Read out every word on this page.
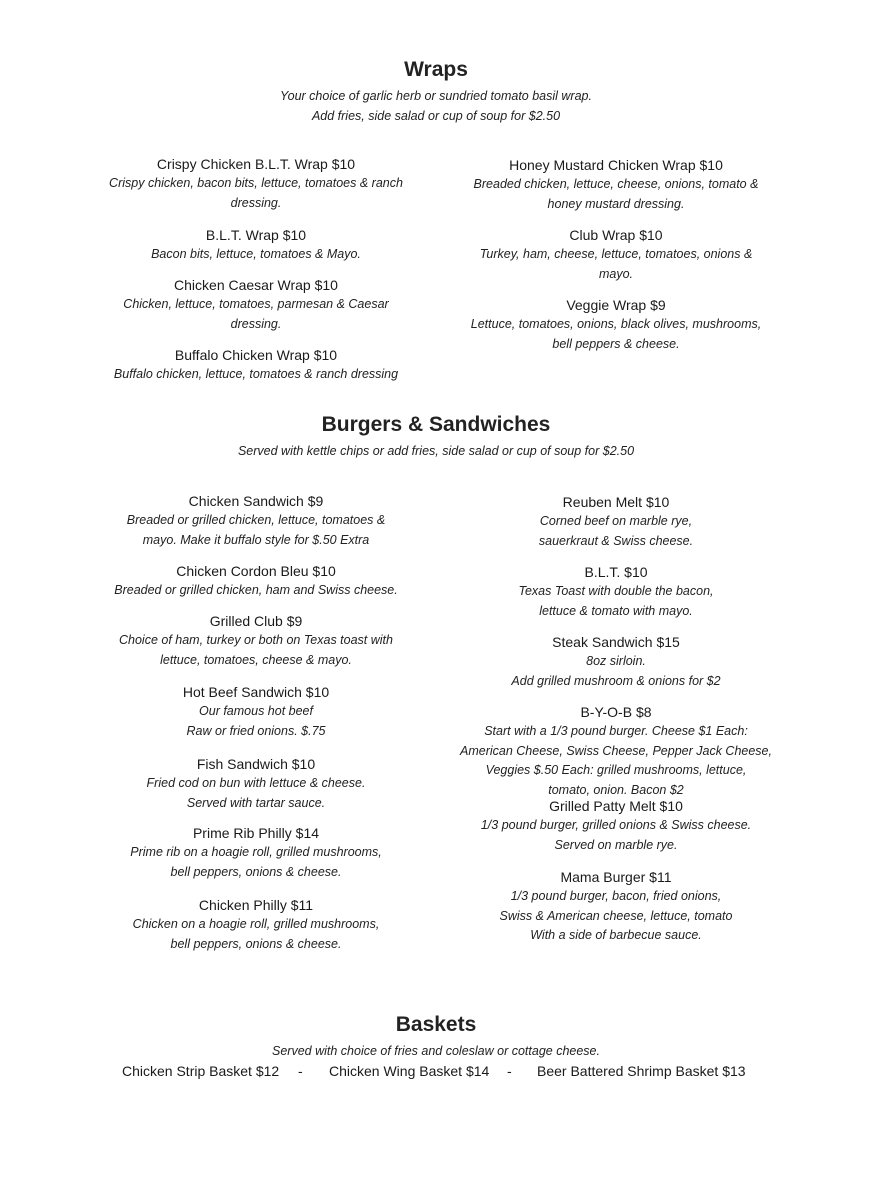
Wraps
Your choice of garlic herb or sundried tomato basil wrap.
Add fries, side salad or cup of soup for $2.50
Crispy Chicken B.L.T. Wrap $10
Crispy chicken, bacon bits, lettuce, tomatoes & ranch
dressing.
B.L.T. Wrap $10
Bacon bits, lettuce, tomatoes & Mayo.
Chicken Caesar Wrap $10
Chicken, lettuce, tomatoes, parmesan & Caesar
dressing.
Buffalo Chicken Wrap $10
Buffalo chicken, lettuce, tomatoes & ranch dressing
Honey Mustard Chicken Wrap $10
Breaded chicken, lettuce, cheese, onions, tomato &
honey mustard dressing.
Club Wrap $10
Turkey, ham, cheese, lettuce, tomatoes, onions &
mayo.
Veggie Wrap $9
Lettuce, tomatoes, onions, black olives, mushrooms,
bell peppers & cheese.
Burgers & Sandwiches
Served with kettle chips or add fries, side salad or cup of soup for $2.50
Chicken Sandwich $9
Breaded or grilled chicken, lettuce, tomatoes &
mayo. Make it buffalo style for $.50 Extra
Chicken Cordon Bleu $10
Breaded or grilled chicken, ham and Swiss cheese.
Grilled Club $9
Choice of ham, turkey or both on Texas toast with
lettuce, tomatoes, cheese & mayo.
Hot Beef Sandwich $10
Our famous hot beef
Raw or fried onions. $.75
Fish Sandwich $10
Fried cod on bun with lettuce & cheese.
Served with tartar sauce.
Prime Rib Philly $14
Prime rib on a hoagie roll, grilled mushrooms,
bell peppers, onions & cheese.
Chicken Philly $11
Chicken on a hoagie roll, grilled mushrooms,
bell peppers, onions & cheese.
Reuben Melt $10
Corned beef on marble rye,
sauerkraut & Swiss cheese.
B.L.T. $10
Texas Toast with double the bacon,
lettuce & tomato with mayo.
Steak Sandwich $15
8oz sirloin.
Add grilled mushroom & onions for $2
B-Y-O-B $8
Start with a 1/3 pound burger. Cheese $1 Each:
American Cheese, Swiss Cheese, Pepper Jack Cheese,
Veggies $.50 Each: grilled mushrooms, lettuce,
tomato, onion. Bacon $2
Grilled Patty Melt $10
1/3 pound burger, grilled onions & Swiss cheese.
Served on marble rye.
Mama Burger $11
1/3 pound burger, bacon, fried onions,
Swiss & American cheese, lettuce, tomato
With a side of barbecue sauce.
Baskets
Served with choice of fries and coleslaw or cottage cheese.
Chicken Strip Basket $12 - Chicken Wing Basket $14 - Beer Battered Shrimp Basket $13
